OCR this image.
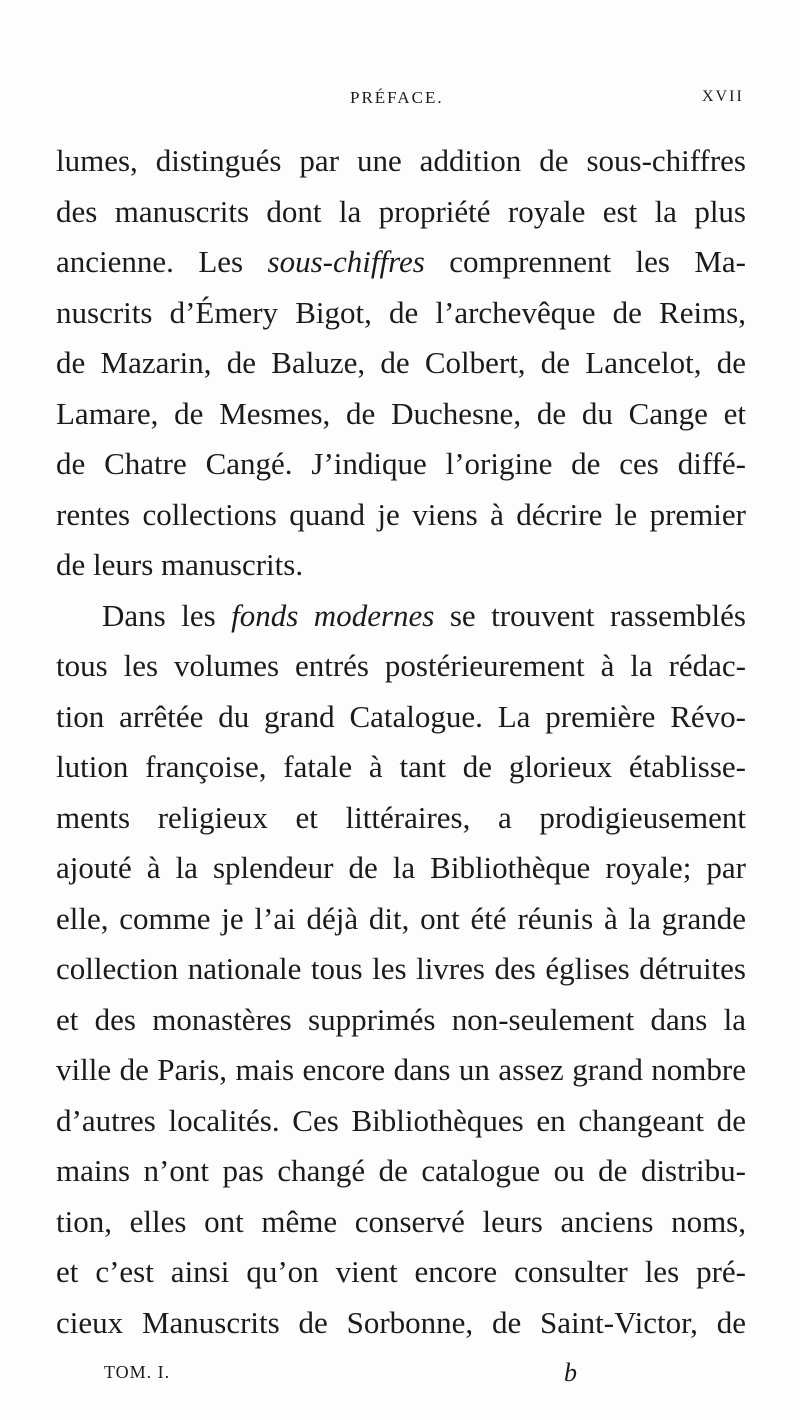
PRÉFACE.	XVII
lumes, distingués par une addition de sous-chiffres
des manuscrits dont la propriété royale est la plus
ancienne. Les sous-chiffres comprennent les Ma-
nuscrits d’Émery Bigot, de l’archevêque de Reims,
de Mazarin, de Baluze, de Colbert, de Lancelot, de
Lamare, de Mesmes, de Duchesne, de du Cange et
de Chatre Cangé. J’indique l’origine de ces diffé-
rentes collections quand je viens à décrire le premier
de leurs manuscrits.
Dans les fonds modernes se trouvent rassemblés
tous les volumes entrés postérieurement à la rédac-
tion arrêtée du grand Catalogue. La première Révo-
lution françoise, fatale à tant de glorieux établisse-
ments religieux et littéraires, a prodigieusement
ajouté à la splendeur de la Bibliothèque royale; par
elle, comme je l’ai déjà dit, ont été réunis à la grande
collection nationale tous les livres des églises détruites
et des monastères supprimés non-seulement dans la
ville de Paris, mais encore dans un assez grand nombre
d’autres localités. Ces Bibliothèques en changeant de
mains n’ont pas changé de catalogue ou de distribu-
tion, elles ont même conservé leurs anciens noms,
et c’est ainsi qu’on vient encore consulter les pré-
cieux Manuscrits de Sorbonne, de Saint-Victor, de
TOM. I.	b
